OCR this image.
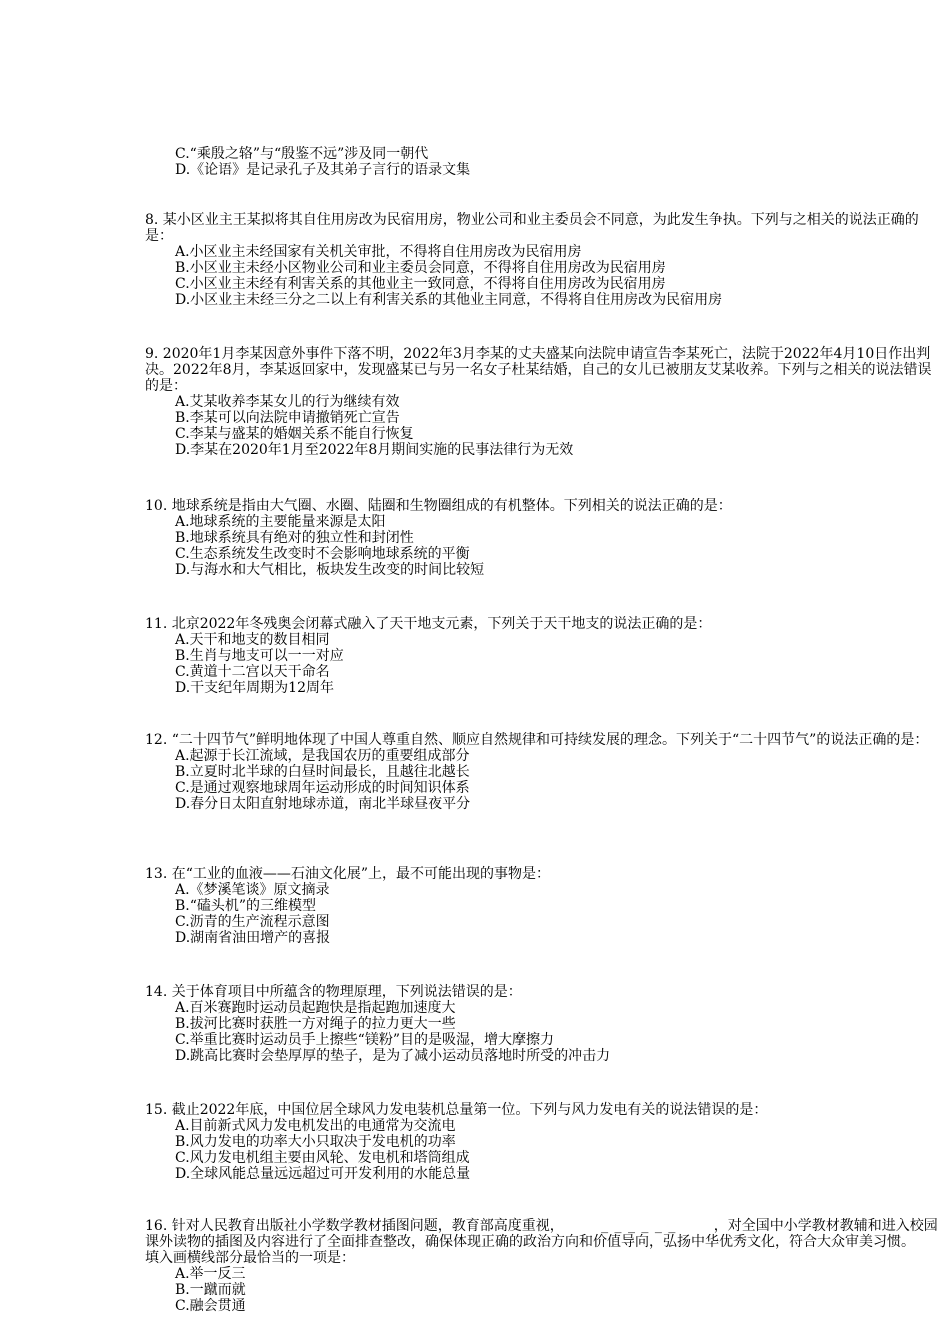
C.“乘殷之辂”与“殷鉴不远”涉及同一朝代
D.《论语》是记录孔子及其弟子言行的语录文集
8. 某小区业主王某拟将其自住用房改为民宿用房，物业公司和业主委员会不同意，为此发生争执。下列与之相关的说法正确的是：
A.小区业主未经国家有关机关审批，不得将自住用房改为民宿用房
B.小区业主未经小区物业公司和业主委员会同意，不得将自住用房改为民宿用房
C.小区业主未经有利害关系的其他业主一致同意，不得将自住用房改为民宿用房
D.小区业主未经三分之二以上有利害关系的其他业主同意，不得将自住用房改为民宿用房
9. 2020年1月李某因意外事件下落不明，2022年3月李某的丈夫盛某向法院申请宣告李某死亡，法院于2022年4月10日作出判决。2022年8月，李某返回家中，发现盛某已与另一名女子杜某结婚，自己的女儿已被朋友艾某收养。下列与之相关的说法错误的是：
A.艾某收养李某女儿的行为继续有效
B.李某可以向法院申请撤销死亡宣告
C.李某与盛某的婚姻关系不能自行恢复
D.李某在2020年1月至2022年8月期间实施的民事法律行为无效
10. 地球系统是指由大气圈、水圈、陆圈和生物圈组成的有机整体。下列相关的说法正确的是：
A.地球系统的主要能量来源是太阳
B.地球系统具有绝对的独立性和封闭性
C.生态系统发生改变时不会影响地球系统的平衡
D.与海水和大气相比，板块发生改变的时间比较短
11. 北京2022年冬残奥会闭幕式融入了天干地支元素，下列关于天干地支的说法正确的是：
A.天干和地支的数目相同
B.生肖与地支可以一一对应
C.黄道十二宫以天干命名
D.干支纪年周期为12周年
12. “二十四节气”鲜明地体现了中国人尊重自然、顺应自然规律和可持续发展的理念。下列关于“二十四节气”的说法正确的是：
A.起源于长江流域，是我国农历的重要组成部分
B.立夏时北半球的白昼时间最长，且越往北越长
C.是通过观察地球周年运动形成的时间知识体系
D.春分日太阳直射地球赤道，南北半球昼夜平分
13. 在“工业的血液——石油文化展”上，最不可能出现的事物是：
A.《梦溪笔谈》原文摘录
B.“磕头机”的三维模型
C.沥青的生产流程示意图
D.湖南省油田增产的喜报
14. 关于体育项目中所蕴含的物理原理，下列说法错误的是：
A.百米赛跑时运动员起跑快是指起跑加速度大
B.拔河比赛时获胜一方对绳子的拉力更大一些
C.举重比赛时运动员手上擦些“镁粉”目的是吸湿，增大摩擦力
D.跳高比赛时会垫厚厚的垫子，是为了减小运动员落地时所受的冲击力
15. 截止2022年底，中国位居全球风力发电装机总量第一位。下列与风力发电有关的说法错误的是：
A.目前新式风力发电机发出的电通常为交流电
B.风力发电的功率大小只取决于发电机的功率
C.风力发电机组主要由风轮、发电机和塔筒组成
D.全球风能总量远远超过可开发利用的水能总量
16. 针对人民教育出版社小学数学教材插图问题，教育部高度重视，	_ _ _ _ _ _	，对全国中小学教材教辅和进入校园课外读物的插图及内容进行了全面排查整改，确保体现正确的政治方向和价值导向，弘扬中华优秀文化，符合大众审美习惯。
填入画横线部分最恰当的一项是：
A.举一反三
B.一蹴而就
C.融会贯通
